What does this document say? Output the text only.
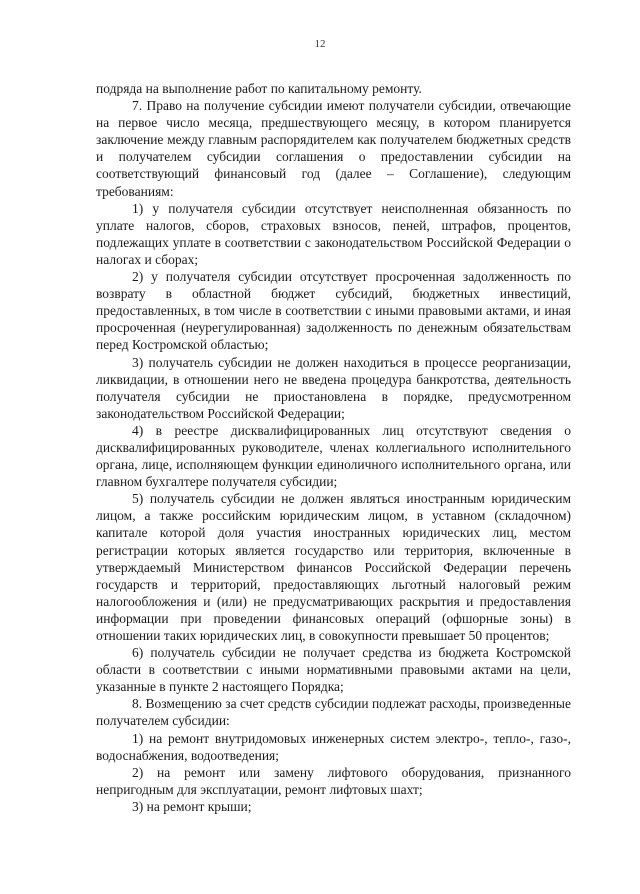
12

подряда на выполнение работ по капитальному ремонту.

7. Право на получение субсидии имеют получатели субсидии, отвечающие на первое число месяца, предшествующего месяцу, в котором планируется заключение между главным распорядителем как получателем бюджетных средств и получателем субсидии соглашения о предоставлении субсидии на соответствующий финансовый год (далее – Соглашение), следующим требованиям:

1) у получателя субсидии отсутствует неисполненная обязанность по уплате налогов, сборов, страховых взносов, пеней, штрафов, процентов, подлежащих уплате в соответствии с законодательством Российской Федерации о налогах и сборах;

2) у получателя субсидии отсутствует просроченная задолженность по возврату в областной бюджет субсидий, бюджетных инвестиций, предоставленных, в том числе в соответствии с иными правовыми актами, и иная просроченная (неурегулированная) задолженность по денежным обязательствам перед Костромской областью;

3) получатель субсидии не должен находиться в процессе реорганизации, ликвидации, в отношении него не введена процедура банкротства, деятельность получателя субсидии не приостановлена в порядке, предусмотренном законодательством Российской Федерации;

4) в реестре дисквалифицированных лиц отсутствуют сведения о дисквалифицированных руководителе, членах коллегиального исполнительного органа, лице, исполняющем функции единоличного исполнительного органа, или главном бухгалтере получателя субсидии;

5) получатель субсидии не должен являться иностранным юридическим лицом, а также российским юридическим лицом, в уставном (складочном) капитале которой доля участия иностранных юридических лиц, местом регистрации которых является государство или территория, включенные в утверждаемый Министерством финансов Российской Федерации перечень государств и территорий, предоставляющих льготный налоговый режим налогообложения и (или) не предусматривающих раскрытия и предоставления информации при проведении финансовых операций (офшорные зоны) в отношении таких юридических лиц, в совокупности превышает 50 процентов;

6) получатель субсидии не получает средства из бюджета Костромской области в соответствии с иными нормативными правовыми актами на цели, указанные в пункте 2 настоящего Порядка;

8. Возмещению за счет средств субсидии подлежат расходы, произведенные получателем субсидии:

1) на ремонт внутридомовых инженерных систем электро-, тепло-, газо-, водоснабжения, водоотведения;

2) на ремонт или замену лифтового оборудования, признанного непригодным для эксплуатации, ремонт лифтовых шахт;

3) на ремонт крыши;
